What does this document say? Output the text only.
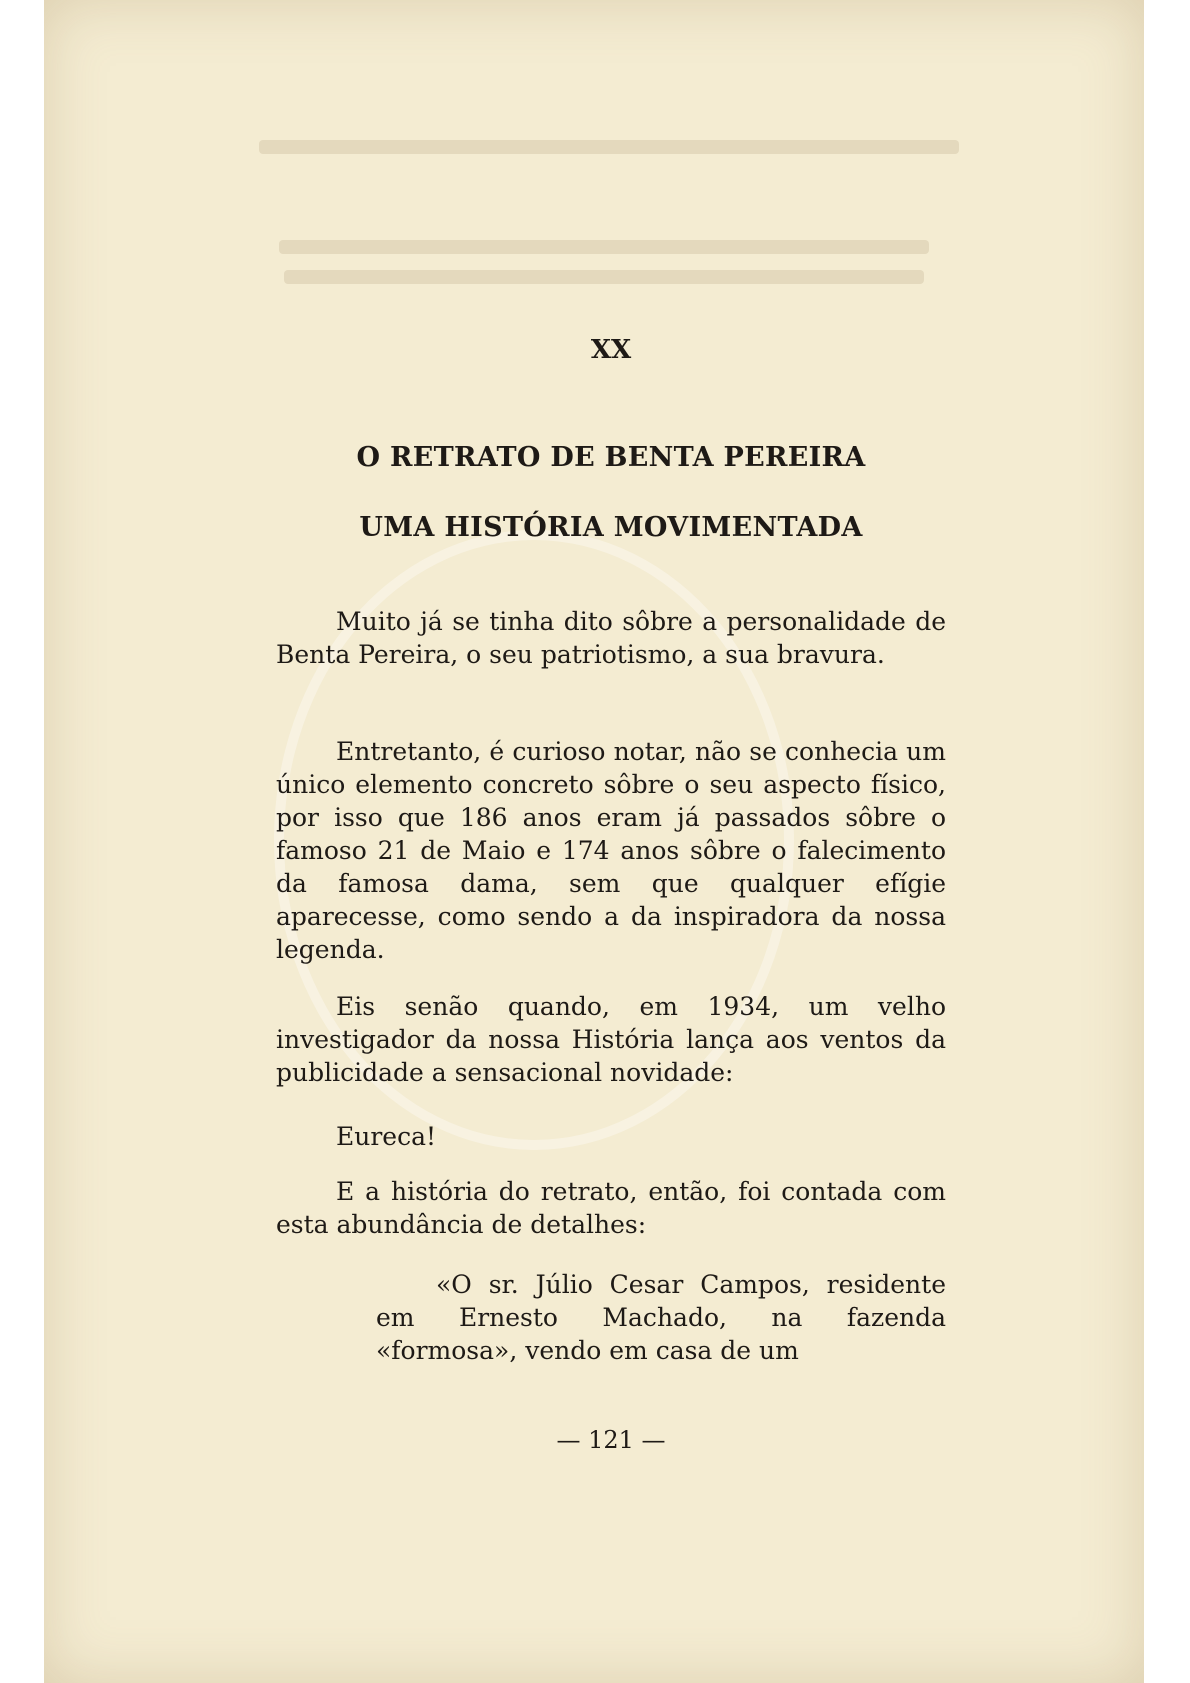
XX
O RETRATO DE BENTA PEREIRA
UMA HISTÓRIA MOVIMENTADA

Muito já se tinha dito sôbre a personalidade de Benta Pereira, o seu patriotismo, a sua bravura.

Entretanto, é curioso notar, não se conhecia um único elemento concreto sôbre o seu aspecto físico, por isso que 186 anos eram já passados sôbre o famoso 21 de Maio e 174 anos sôbre o falecimento da famosa dama, sem que qualquer efígie aparecesse, como sendo a da inspiradora da nossa legenda.

Eis senão quando, em 1934, um velho investigador da nossa História lança aos ventos da publicidade a sensacional novidade:

Eureca!

E a história do retrato, então, foi contada com esta abundância de detalhes:

«O sr. Júlio Cesar Campos, residente em Ernesto Machado, na fazenda «formosa», vendo em casa de um

— 121 —
